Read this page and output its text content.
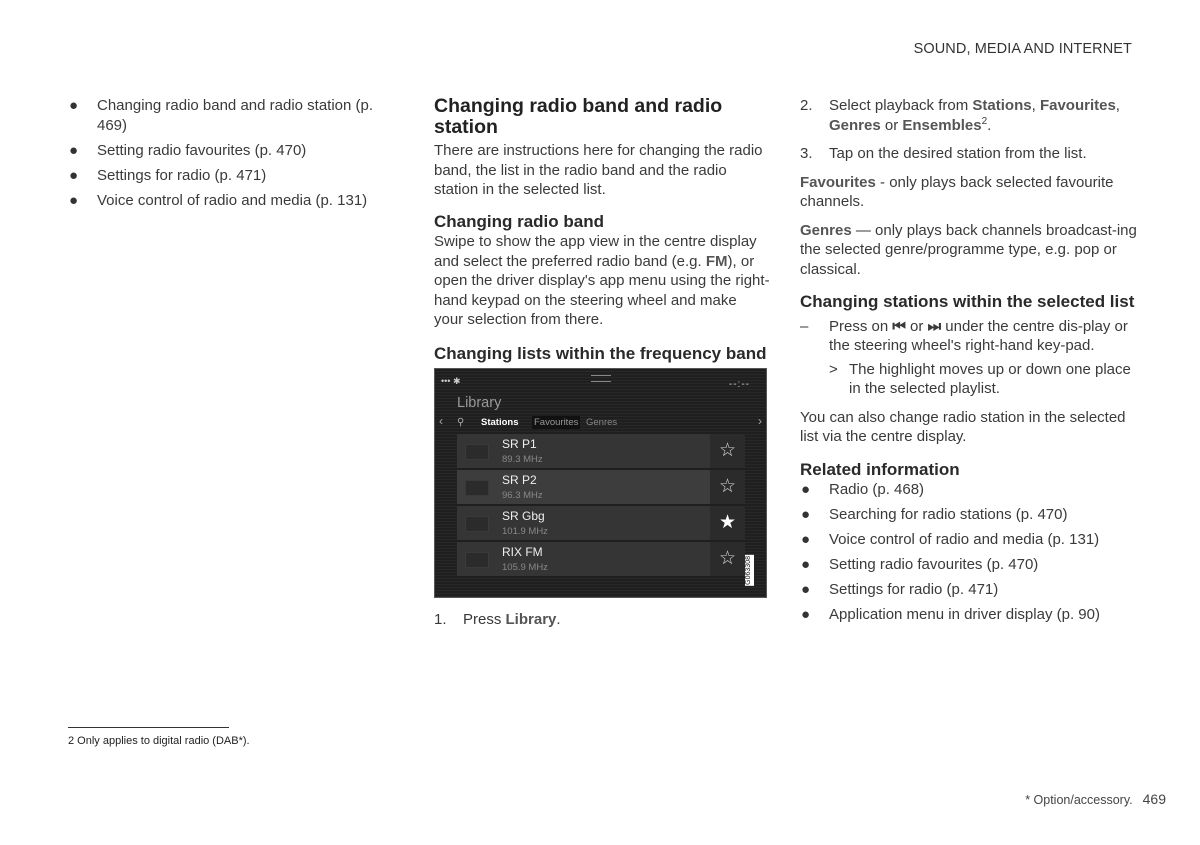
SOUND, MEDIA AND INTERNET
● Changing radio band and radio station (p. 469)
● Setting radio favourites (p. 470)
● Settings for radio (p. 471)
● Voice control of radio and media (p. 131)
Changing radio band and radio station

There are instructions here for changing the radio band, the list in the radio band and the radio station in the selected list.

Changing radio band

Swipe to show the app view in the centre display and select the preferred radio band (e.g. FM), or open the driver display's app menu using the right-hand keypad on the steering wheel and make your selection from there.

Changing lists within the frequency band
••• ✱	--:--
Library
‹ ⚲ Stations Favourites Genres	›
SR P1
89.3 MHz	☆
SR P2
96.3 MHz	☆
SR Gbg
101.9 MHz	★
RIX FM
105.9 MHz	☆	G063308
1. Press Library.
2. Select playback from Stations, Favourites,
Genres or Ensembles$^2$.
3. Tap on the desired station from the list.

Favourites - only plays back selected favourite channels.

Genres — only plays back channels broadcast-ing the selected genre/programme type, e.g. pop or classical.

Changing stations within the selected list
– Press on ⏮ or ⏭ under the centre dis-play or the steering wheel's right-hand key-pad.
> The highlight moves up or down one place in the selected playlist.

You can also change radio station in the selected list via the centre display.

Related information
● Radio (p. 468)
● Searching for radio stations (p. 470)
● Voice control of radio and media (p. 131)
● Setting radio favourites (p. 470)
● Settings for radio (p. 471)
● Application menu in driver display (p. 90)
2 Only applies to digital radio (DAB*).
* Option/accessory. 469
